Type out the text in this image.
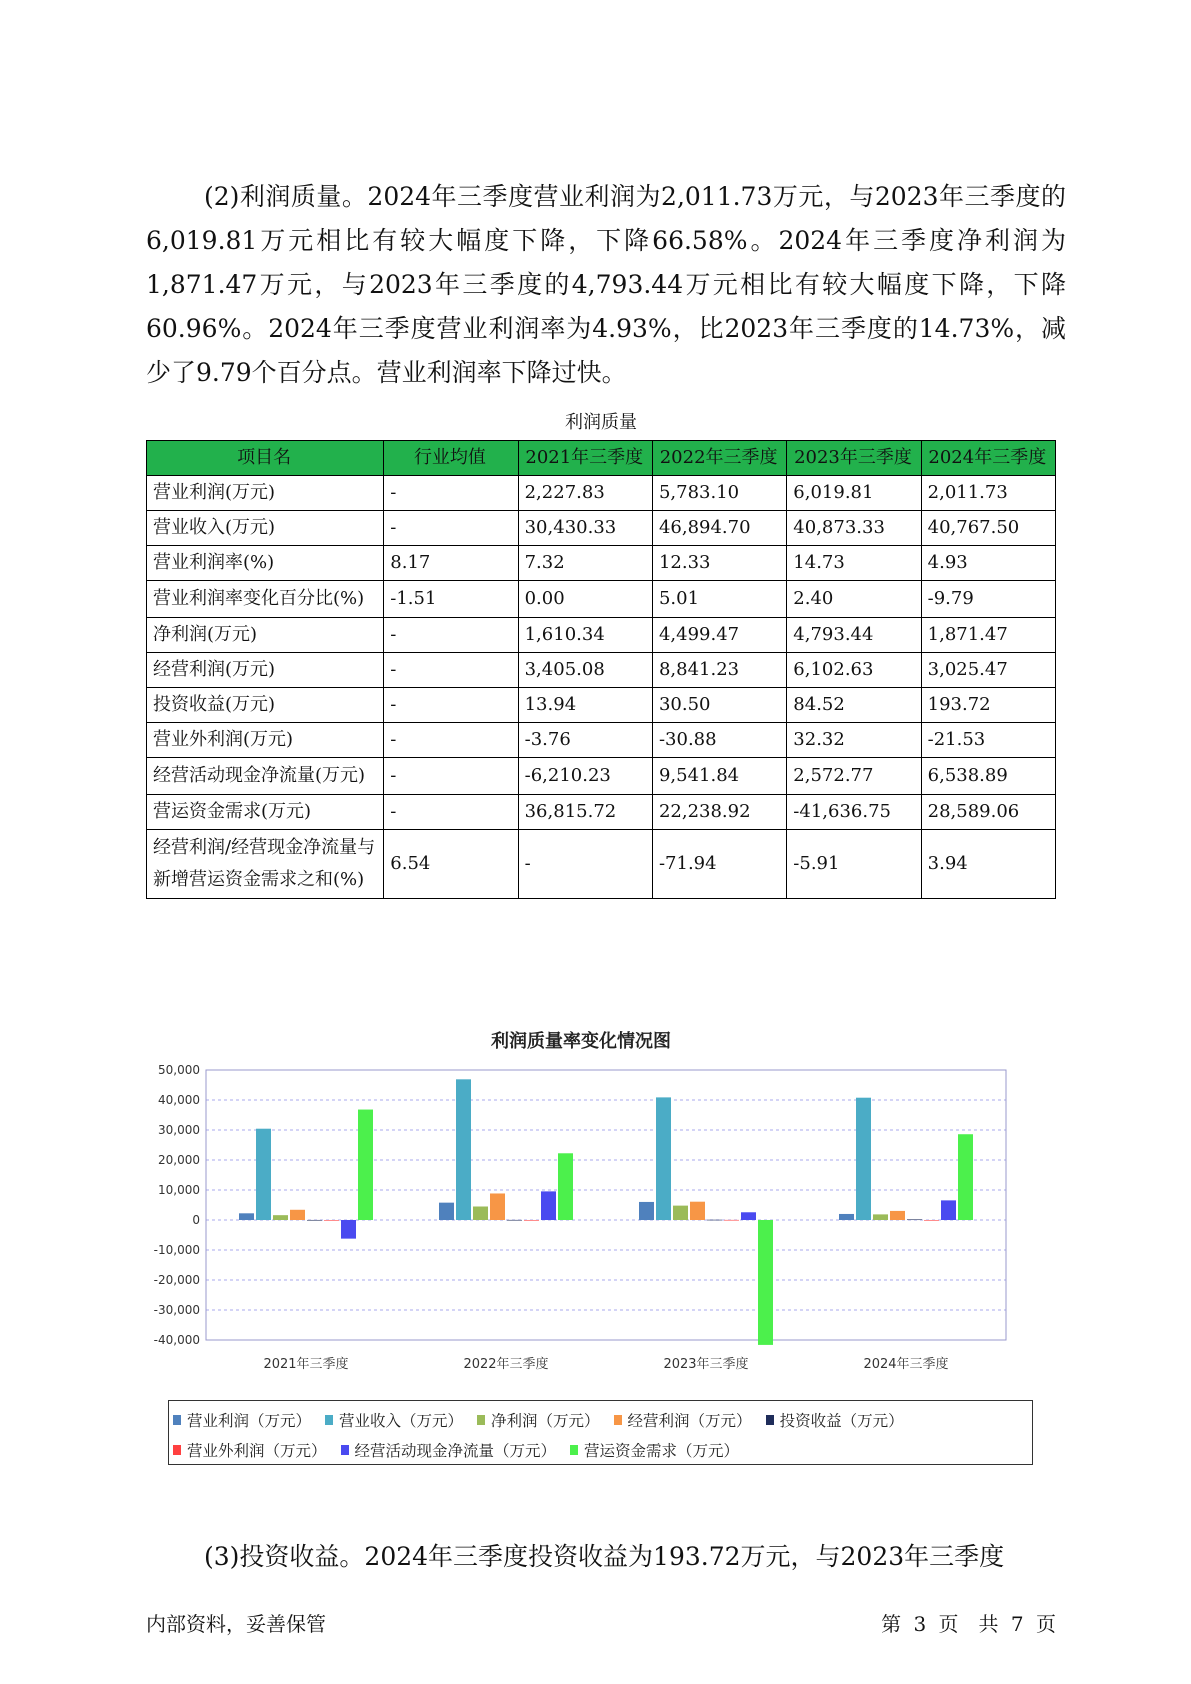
(2)利润质量。2024年三季度营业利润为2,011.73万元，与2023年三季度的6,019.81万元相比有较大幅度下降，下降66.58%。2024年三季度净利润为1,871.47万元，与2023年三季度的4,793.44万元相比有较大幅度下降，下降60.96%。2024年三季度营业利润率为4.93%，比2023年三季度的14.73%，减少了9.79个百分点。营业利润率下降过快。

利润质量
项目名	行业均值	2021年三季度	2022年三季度	2023年三季度	2024年三季度
营业利润(万元)	-	2,227.83	5,783.10	6,019.81	2,011.73
营业收入(万元)	-	30,430.33	46,894.70	40,873.33	40,767.50
营业利润率(%)	8.17	7.32	12.33	14.73	4.93
营业利润率变化百分比(%)	-1.51	0.00	5.01	2.40	-9.79
净利润(万元)	-	1,610.34	4,499.47	4,793.44	1,871.47
经营利润(万元)	-	3,405.08	8,841.23	6,102.63	3,025.47
投资收益(万元)	-	13.94	30.50	84.52	193.72
营业外利润(万元)	-	-3.76	-30.88	32.32	-21.53
经营活动现金净流量(万元)	-	-6,210.23	9,541.84	2,572.77	6,538.89
营运资金需求(万元)	-	36,815.72	22,238.92	-41,636.75	28,589.06
经营利润/经营现金净流量与新增营运资金需求之和(%)	6.54	-	-71.94	-5.91	3.94
利润质量率变化情况图
50,000
40,000
30,000
20,000
10,000
0
-10,000
-20,000
-30,000
-40,000
2021年三季度	2022年三季度	2023年三季度	2024年三季度
营业利润（万元） 营业收入（万元） 净利润（万元） 经营利润（万元） 投资收益（万元）
营业外利润（万元） 经营活动现金净流量（万元） 营运资金需求（万元）

(3)投资收益。2024年三季度投资收益为193.72万元，与2023年三季度

内部资料，妥善保管	第 3 页　共 7 页
